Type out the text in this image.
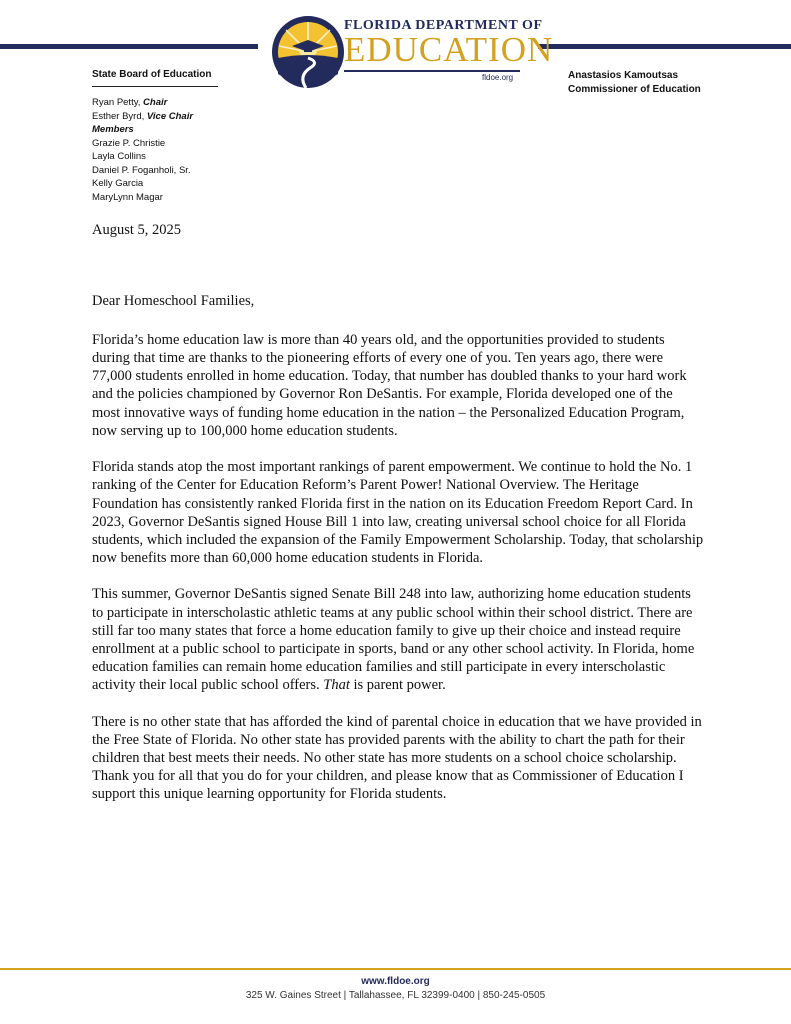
FLORIDA DEPARTMENT OF
EDUCATION
fldoe.org
State Board of Education
Ryan Petty, Chair
Esther Byrd, Vice Chair
Members
Grazie P. Christie
Layla Collins
Daniel P. Foganholi, Sr.
Kelly Garcia
MaryLynn Magar
Anastasios Kamoutsas
Commissioner of Education
August 5, 2025
Dear Homeschool Families,

Florida’s home education law is more than 40 years old, and the opportunities provided to students during that time are thanks to the pioneering efforts of every one of you. Ten years ago, there were 77,000 students enrolled in home education. Today, that number has doubled thanks to your hard work and the policies championed by Governor Ron DeSantis. For example, Florida developed one of the most innovative ways of funding home education in the nation – the Personalized Education Program, now serving up to 100,000 home education students.

Florida stands atop the most important rankings of parent empowerment. We continue to hold the No. 1 ranking of the Center for Education Reform’s Parent Power! National Overview. The Heritage Foundation has consistently ranked Florida first in the nation on its Education Freedom Report Card. In 2023, Governor DeSantis signed House Bill 1 into law, creating universal school choice for all Florida students, which included the expansion of the Family Empowerment Scholarship. Today, that scholarship now benefits more than 60,000 home education students in Florida.

This summer, Governor DeSantis signed Senate Bill 248 into law, authorizing home education students to participate in interscholastic athletic teams at any public school within their school district. There are still far too many states that force a home education family to give up their choice and instead require enrollment at a public school to participate in sports, band or any other school activity. In Florida, home education families can remain home education families and still participate in every interscholastic activity their local public school offers. That is parent power.

There is no other state that has afforded the kind of parental choice in education that we have provided in the Free State of Florida. No other state has provided parents with the ability to chart the path for their children that best meets their needs. No other state has more students on a school choice scholarship. Thank you for all that you do for your children, and please know that as Commissioner of Education I support this unique learning opportunity for Florida students.

www.fldoe.org
325 W. Gaines Street | Tallahassee, FL 32399-0400 | 850-245-0505
